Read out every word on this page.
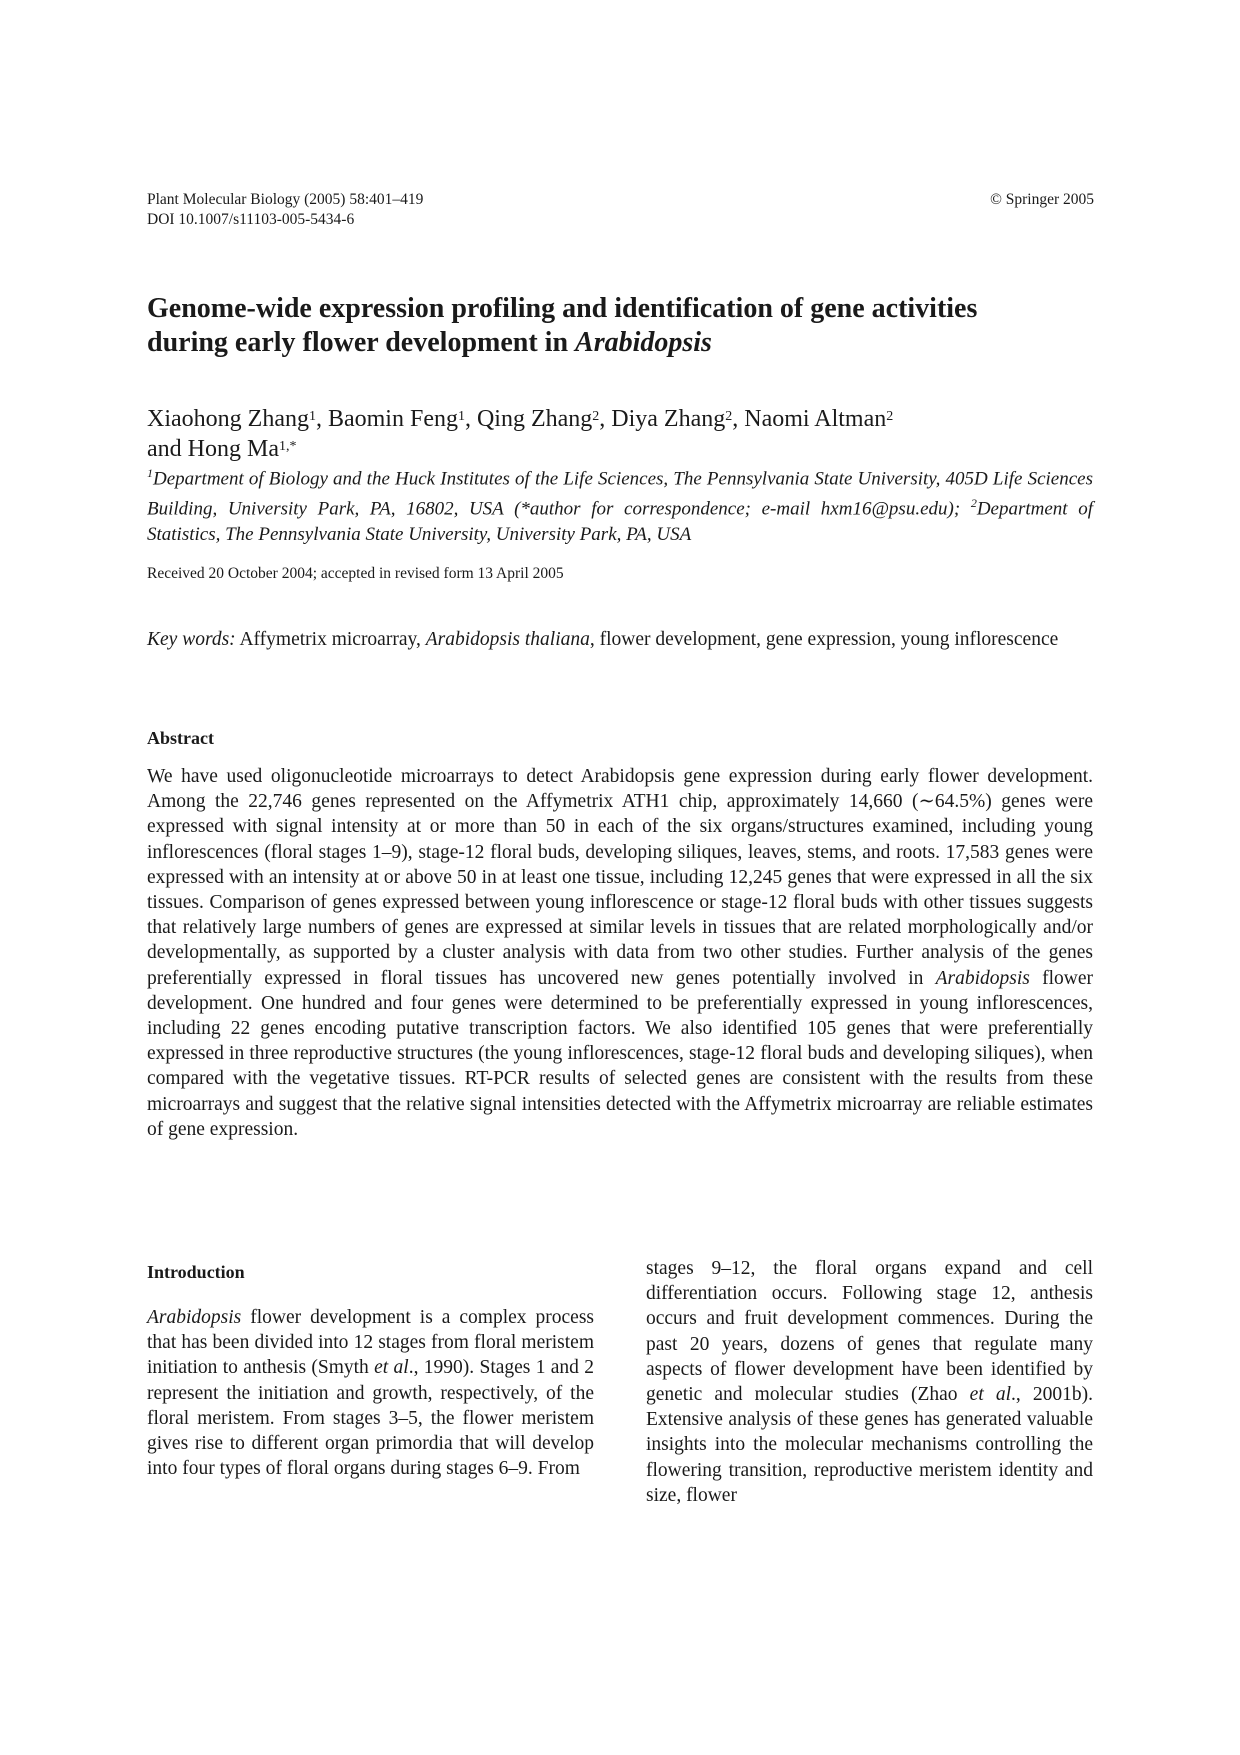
Plant Molecular Biology (2005) 58:401–419
DOI 10.1007/s11103-005-5434-6
© Springer 2005
Genome-wide expression profiling and identification of gene activities
during early flower development in Arabidopsis
Xiaohong Zhang$^1$, Baomin Feng$^1$, Qing Zhang$^2$, Diya Zhang$^2$, Naomi Altman$^2$
and Hong $Ma^{1,*}$
$^1$Department of Biology and the Huck Institutes of the Life Sciences, The Pennsylvania State University, 405D Life Sciences Building, University Park, PA, 16802, USA (*author for correspondence; e-mail hxm16@psu.edu); $^2$Department of Statistics, The Pennsylvania State University, University Park, PA, USA
Received 20 October 2004; accepted in revised form 13 April 2005
Key words: Affymetrix microarray, Arabidopsis thaliana, flower development, gene expression, young inflorescence
Abstract

We have used oligonucleotide microarrays to detect Arabidopsis gene expression during early flower development. Among the 22,746 genes represented on the Affymetrix ATH1 chip, approximately 14,660 (∼64.5%) genes were expressed with signal intensity at or more than 50 in each of the six organs/structures examined, including young inflorescences (floral stages 1–9), stage-12 floral buds, developing siliques, leaves, stems, and roots. 17,583 genes were expressed with an intensity at or above 50 in at least one tissue, including 12,245 genes that were expressed in all the six tissues. Comparison of genes expressed between young inflorescence or stage-12 floral buds with other tissues suggests that relatively large numbers of genes are expressed at similar levels in tissues that are related morphologically and/or developmentally, as supported by a cluster analysis with data from two other studies. Further analysis of the genes preferentially expressed in floral tissues has uncovered new genes potentially involved in Arabidopsis flower development. One hundred and four genes were determined to be preferentially expressed in young inflorescences, including 22 genes encoding putative transcription factors. We also identified 105 genes that were preferentially expressed in three reproductive structures (the young inflorescences, stage-12 floral buds and developing siliques), when compared with the vegetative tissues. RT-PCR results of selected genes are consistent with the results from these microarrays and suggest that the relative signal intensities detected with the Affymetrix microarray are reliable estimates of gene expression.

Introduction

Arabidopsis flower development is a complex process that has been divided into 12 stages from floral meristem initiation to anthesis (Smyth et al., 1990). Stages 1 and 2 represent the initiation and growth, respectively, of the floral meristem. From stages 3–5, the flower meristem gives rise to different organ primordia that will develop into four types of floral organs during stages 6–9. From

stages 9–12, the floral organs expand and cell differentiation occurs. Following stage 12, anthesis occurs and fruit development commences. During the past 20 years, dozens of genes that regulate many aspects of flower development have been identified by genetic and molecular studies (Zhao et al., 2001b). Extensive analysis of these genes has generated valuable insights into the molecular mechanisms controlling the flowering transition, reproductive meristem identity and size, flower
